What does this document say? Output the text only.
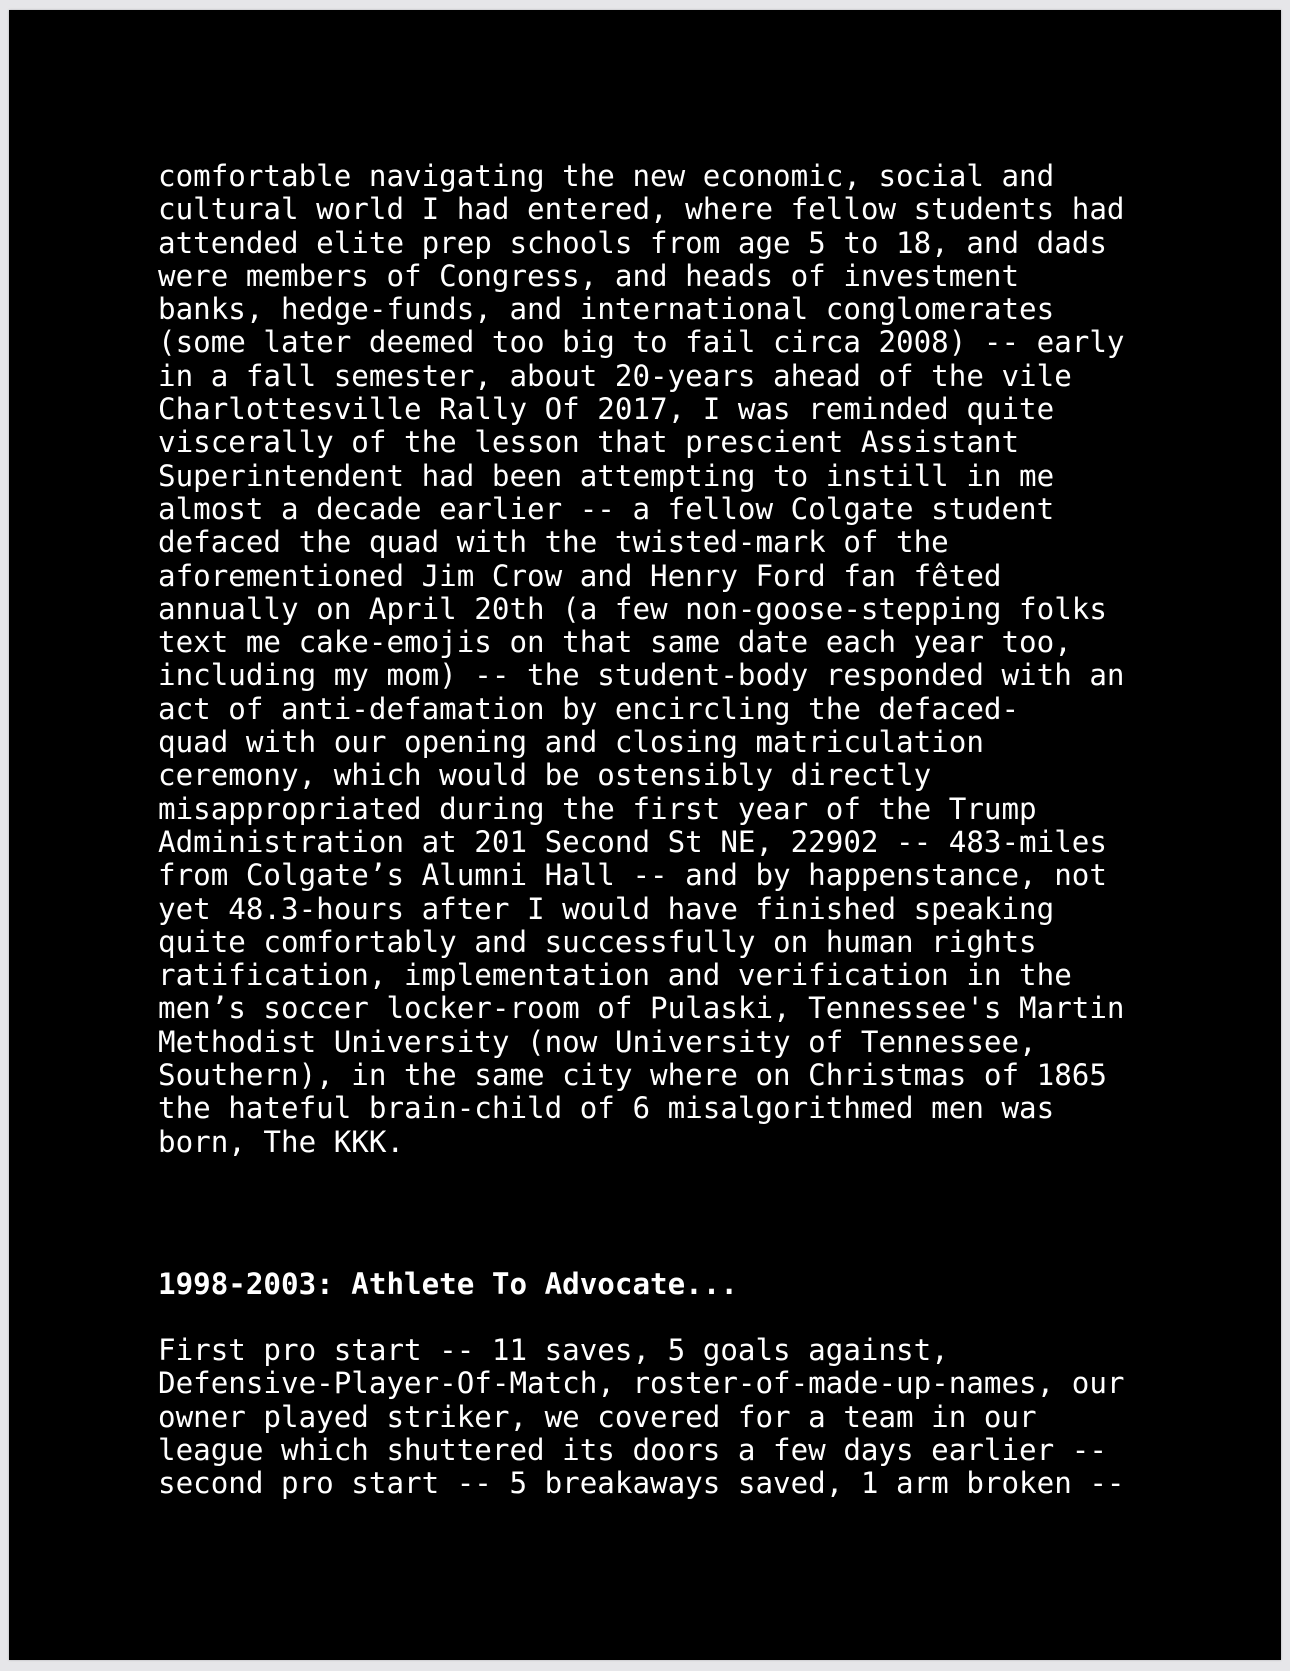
comfortable navigating the new economic, social and
cultural world I had entered, where fellow students had
attended elite prep schools from age 5 to 18, and dads
were members of Congress, and heads of investment
banks, hedge-funds, and international conglomerates
(some later deemed too big to fail circa 2008) -- early
in a fall semester, about 20-years ahead of the vile
Charlottesville Rally Of 2017, I was reminded quite
viscerally of the lesson that prescient Assistant
Superintendent had been attempting to instill in me
almost a decade earlier -- a fellow Colgate student
defaced the quad with the twisted-mark of the
aforementioned Jim Crow and Henry Ford fan fêted
annually on April 20th (a few non-goose-stepping folks
text me cake-emojis on that same date each year too,
including my mom) -- the student-body responded with an
act of anti-defamation by encircling the defaced-
quad with our opening and closing matriculation
ceremony, which would be ostensibly directly
misappropriated during the first year of the Trump
Administration at 201 Second St NE, 22902 -- 483-miles
from Colgate’s Alumni Hall -- and by happenstance, not
yet 48.3-hours after I would have finished speaking
quite comfortably and successfully on human rights
ratification, implementation and verification in the
men’s soccer locker-room of Pulaski, Tennessee's Martin
Methodist University (now University of Tennessee,
Southern), in the same city where on Christmas of 1865
the hateful brain-child of 6 misalgorithmed men was
born, The KKK.

1998-2003: Athlete To Advocate...

First pro start -- 11 saves, 5 goals against,
Defensive-Player-Of-Match, roster-of-made-up-names, our
owner played striker, we covered for a team in our
league which shuttered its doors a few days earlier --
second pro start -- 5 breakaways saved, 1 arm broken --
